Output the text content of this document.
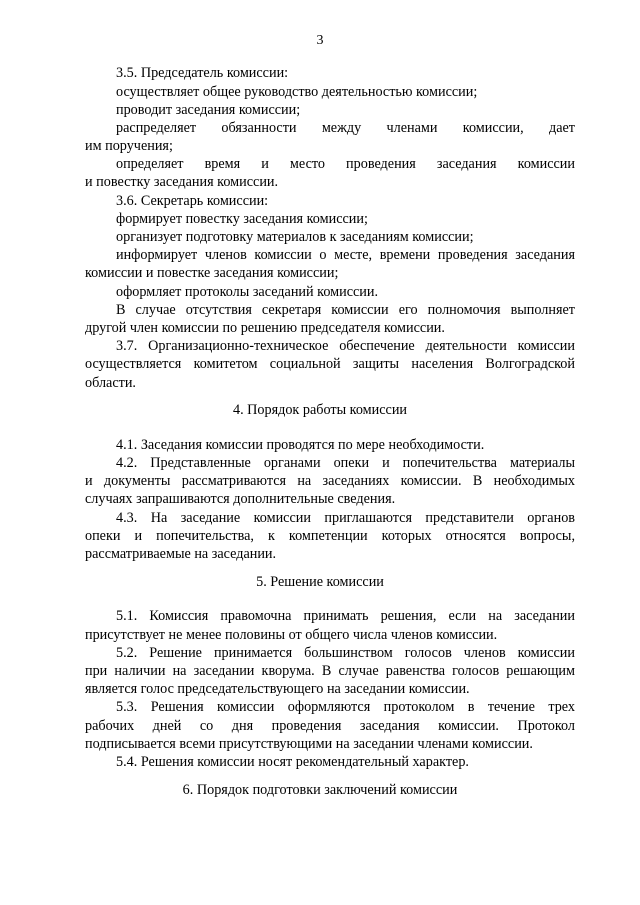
3
3.5. Председатель комиссии:
осуществляет общее руководство деятельностью комиссии;
проводит заседания комиссии;
распределяет обязанности между членами комиссии, дает
им поручения;
определяет время и место проведения заседания комиссии
и повестку заседания комиссии.
3.6. Секретарь комиссии:
формирует повестку заседания комиссии;
организует подготовку материалов к заседаниям комиссии;
информирует членов комиссии о месте, времени проведения заседания
комиссии и повестке заседания комиссии;
оформляет протоколы заседаний комиссии.
В случае отсутствия секретаря комиссии его полномочия выполняет
другой член комиссии по решению председателя комиссии.
3.7. Организационно-техническое обеспечение деятельности комиссии
осуществляется комитетом социальной защиты населения Волгоградской
области.
4. Порядок работы комиссии
4.1. Заседания комиссии проводятся по мере необходимости.
4.2. Представленные органами опеки и попечительства материалы
и документы рассматриваются на заседаниях комиссии. В необходимых
случаях запрашиваются дополнительные сведения.
4.3. На заседание комиссии приглашаются представители органов
опеки и попечительства, к компетенции которых относятся вопросы,
рассматриваемые на заседании.
5. Решение комиссии
5.1. Комиссия правомочна принимать решения, если на заседании
присутствует не менее половины от общего числа членов комиссии.
5.2. Решение принимается большинством голосов членов комиссии
при наличии на заседании кворума. В случае равенства голосов решающим
является голос председательствующего на заседании комиссии.
5.3. Решения комиссии оформляются протоколом в течение трех
рабочих дней со дня проведения заседания комиссии. Протокол
подписывается всеми присутствующими на заседании членами комиссии.
5.4. Решения комиссии носят рекомендательный характер.
6. Порядок подготовки заключений комиссии
